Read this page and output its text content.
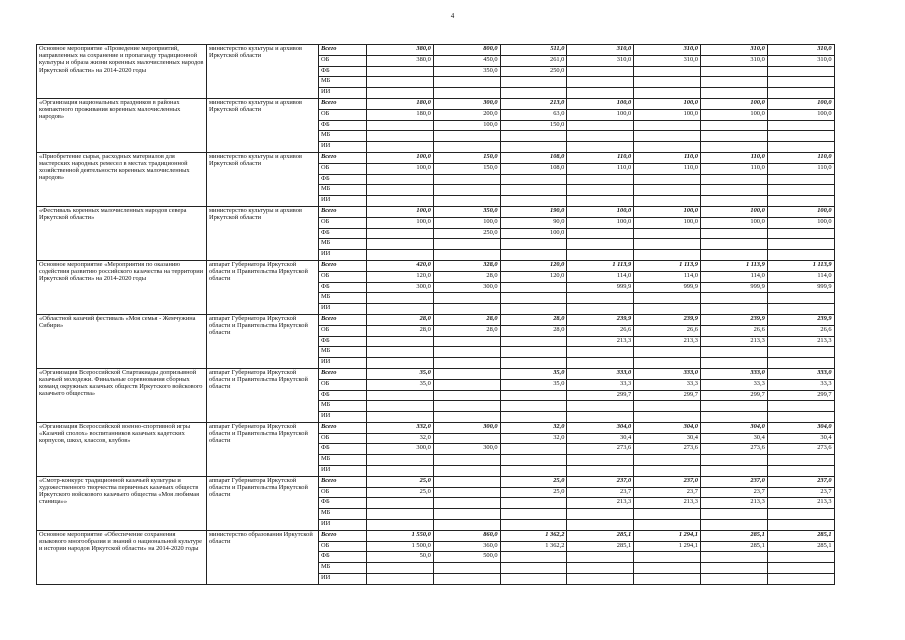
4
Основное мероприятие «Проведение мероприятий, направленных на сохранение и пропаганду традиционной культуры и образа жизни коренных малочисленных народов Иркутской области» на 2014-2020 годы	министерство культуры и архивов Иркутской области	Всего	380,0	800,0	511,0	310,0	310,0	310,0	310,0
		ОБ	380,0	450,0	261,0	310,0	310,0	310,0	310,0
		ФБ		350,0	250,0				
		МБ							
		ИИ							
«Организация национальных праздников в районах компактного проживания коренных малочисленных народов»	министерство культуры и архивов Иркутской области	Всего	180,0	300,0	213,0	100,0	100,0	100,0	100,0
		ОБ	180,0	200,0	63,0	100,0	100,0	100,0	100,0
		ФБ		100,0	150,0				
		МБ							
		ИИ							
«Приобретение сырья, расходных материалов для мастерских народных ремесел в местах традиционной хозяйственной деятельности коренных малочисленных народов»	министерство культуры и архивов Иркутской области	Всего	100,0	150,0	108,0	110,0	110,0	110,0	110,0
		ОБ	100,0	150,0	108,0	110,0	110,0	110,0	110,0
		ФБ							
		МБ							
		ИИ							
«Фестиваль коренных малочисленных народов севера Иркутской области»	министерство культуры и архивов Иркутской области	Всего	100,0	350,0	190,0	100,0	100,0	100,0	100,0
		ОБ	100,0	100,0	90,0	100,0	100,0	100,0	100,0
		ФБ		250,0	100,0				
		МБ							
		ИИ							
Основное мероприятие «Мероприятия по оказанию содействия развитию российского казачества на территории Иркутской области» на 2014-2020 годы	аппарат Губернатора Иркутской области и Правительства Иркутской области	Всего	420,0	328,0	120,0	1 113,9	1 113,9	1 113,9	1 113,9
		ОБ	120,0	28,0	120,0	114,0	114,0	114,0	114,0
		ФБ	300,0	300,0		999,9	999,9	999,9	999,9
		МБ							
		ИИ							
«Областной казачий фестиваль «Моя семья - Жемчужина Сибири»	аппарат Губернатора Иркутской области и Правительства Иркутской области	Всего	28,0	28,0	28,0	239,9	239,9	239,9	239,9
		ОБ	28,0	28,0	28,0	26,6	26,6	26,6	26,6
		ФБ				213,3	213,3	213,3	213,3
		МБ							
		ИИ							
«Организация Всероссийской Спартакиады допризывной казачьей молодежи. Финальные соревнования сборных команд окружных казачьих обществ Иркутского войскового казачьего общества»	аппарат Губернатора Иркутской области и Правительства Иркутской области	Всего	35,0		35,0	333,0	333,0	333,0	333,0
		ОБ	35,0		35,0	33,3	33,3	33,3	33,3
		ФБ				299,7	299,7	299,7	299,7
		МБ							
		ИИ							
«Организация Всероссийской военно-спортивной игры «Казачий сполох» воспитанников казачьих кадетских корпусов, школ, классов, клубов»	аппарат Губернатора Иркутской области и Правительства Иркутской области	Всего	332,0	300,0	32,0	304,0	304,0	304,0	304,0
		ОБ	32,0		32,0	30,4	30,4	30,4	30,4
		ФБ	300,0	300,0		273,6	273,6	273,6	273,6
		МБ							
		ИИ							
«Смотр-конкурс традиционной казачьей культуры и художественного творчества первичных казачьих обществ Иркутского войскового казачьего общества «Моя любимая станица»»	аппарат Губернатора Иркутской области и Правительства Иркутской области	Всего	25,0		25,0	237,0	237,0	237,0	237,0
		ОБ	25,0		25,0	23,7	23,7	23,7	23,7
		ФБ				213,3	213,3	213,3	213,3
		МБ							
		ИИ							
Основное мероприятие «Обеспечение сохранения языкового многообразия и знаний о национальной культуре и истории народов Иркутской области» на 2014-2020 годы	министерство образования Иркутской области	Всего	1 550,0	860,0	1 362,2	285,1	1 294,1	285,1	285,1
		ОБ	1 500,0	360,0	1 362,2	285,1	1 294,1	285,1	285,1
		ФБ	50,0	500,0					
		МБ							
		ИИ							
